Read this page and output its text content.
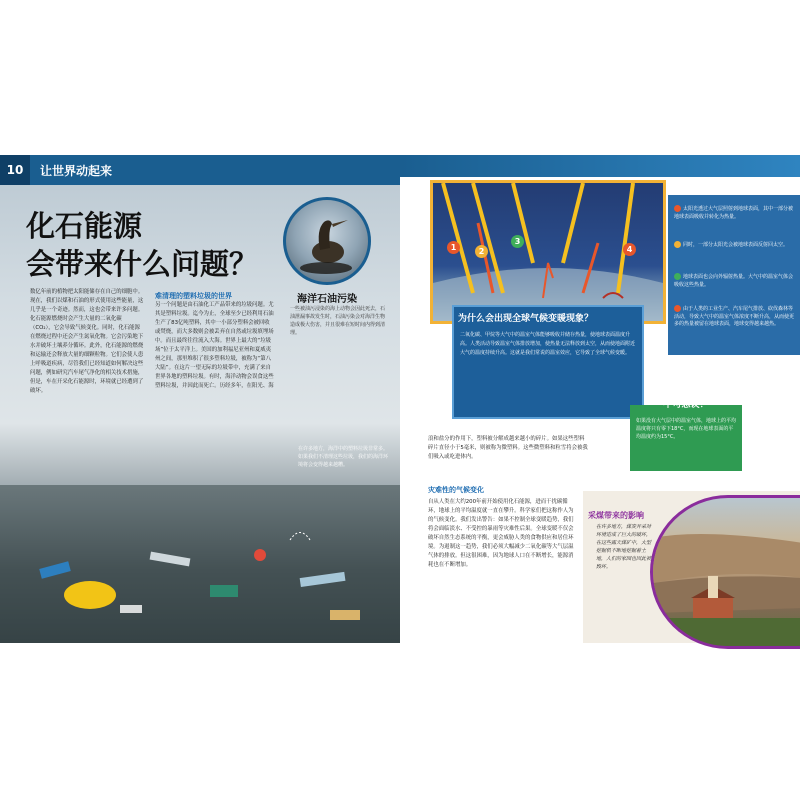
10	让世界动起来
化石能源
会带来什么问题？
海洋石油污染
一些被油污浸染的海上动物会因此死去，石油泄漏事故发生时，石油污染会对海洋生物造成极大伤害，并且很难在短时间内得到清理。
数亿年前的植物把太阳能储存在自己的细胞中。现在，我们以煤和石油的形式使用这些能量，这几乎是一个奇迹。然而，这也会带来许多问题。化石能源燃烧时会产生大量的二氧化碳（CO₂），它会导致气候变化。同时，化石能源在燃烧过程中还会产生氮氧化物。它会污染地下水并破坏土壤养分循环。此外，化石能源的燃烧和运输还会释放大量的细颗粒物。它们会使人患上呼吸道疾病，尽管我们已经知道如何解决这些问题，例如研究汽车尾气净化的相关技术措施，但是，车在开采化石能源时，环境就已经遭到了破坏。
难清理的塑料垃圾的世界
另一个问题是由石油化工产品带来的垃圾问题。尤其是塑料垃圾。迄今为止，全球至少已经利用石油生产了83亿吨塑料，其中一小部分塑料会被回收或焚烧，而大多数则会被丢弃在自然或垃圾填埋场中。而且最终往往流入大海。世界上最大的“垃圾场”位于太平洋上。美国的加利福尼亚州和夏威夷州之间，那里堆积了很多塑料垃圾，被称为“第八大陆”。在这片一望无际的垃圾带中，充满了来自世界各地的塑料垃圾。有时，海洋动物会误食这些塑料垃圾，并因此而死亡。历经多年，在阳光、海
在许多地方，海洋中的塑料垃圾非常多。如果我们不清理这些垃圾，我们的海洋环境将会变得越来越糟。
1	2
3
4
为什么会出现全球气候变暖现象？
二氧化碳、甲烷等大气中的温室气体能够吸收并储存热量，使地球表面温度升高。人类活动导致温室气体排放增加，使热量无法释放到太空，从而使地面附近大气的温度持续升高。这就是我们常说的温室效应，它导致了全球气候变暖。
太阳光透过大气层照射到地球表面，其中一部分被地球表面吸收并转化为热量。
同时，一部分太阳光会被地球表面反射回太空。
地球表面也会向外辐射热量。大气中的温室气体会吸收这些热量。
由于人类的工业生产、汽车尾气排放、砍伐森林等活动，导致大气中的温室气体浓度不断升高，从而使更多的热量被留在地球表面，地球变得越来越热。
不可思议！
如果没有大气层中的温室气体，地球上的平均温度将只有零下18°C，而现在地球表面的平均温度约为15°C。
浪和盐分的作用下，塑料被分解成越来越小的碎片。如果这些塑料碎片直径小于5毫米，则被称为微塑料。这些微塑料和粒雪将会被我们吸入或吃进体内。
灾难性的气候变化
自从人类在大约200年前开始使用化石能源，进而干扰碳循环，地球上的平均温度就一直在攀升。科学家们把这称作人为的气候变化。我们发出警告：如果不控制全球变暖趋势，我们将会面临淡水、不受控的暴雨等灾难性后果。全球变暖不仅会破坏自然生态系统的平衡，更会威胁人类的食物供应和居住环境。为遏制这一趋势，我们必须大幅减少二氧化碳等大气层温气体的排放。但这很困难，因为地球人口在不断增长，能源消耗也在不断增加。
采煤带来的影响
在许多地方，煤炭开采对环境造成了巨大的破坏，在这些露天煤矿中，大型挖掘机不断地挖掘着土地，人们的家园也因此被毁坏。
